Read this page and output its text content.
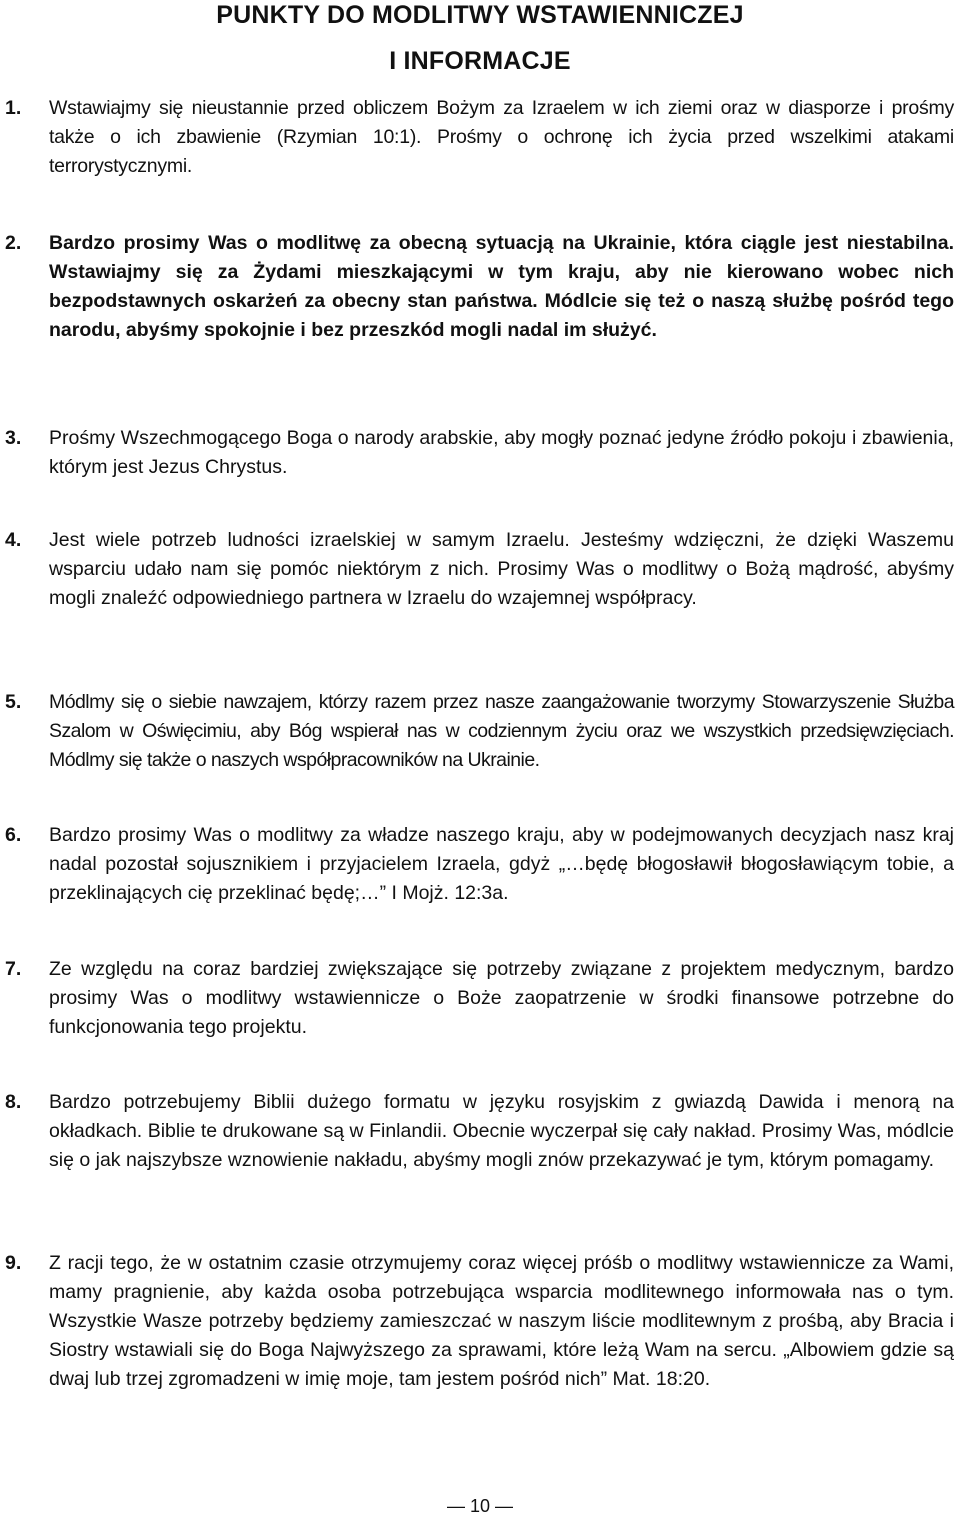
PUNKTY DO MODLITWY WSTAWIENNICZEJ
I INFORMACJE
1. Wstawiajmy się nieustannie przed obliczem Bożym za Izraelem w ich ziemi oraz w diasporze i prośmy także o ich zbawienie (Rzymian 10:1). Prośmy o ochronę ich życia przed wszelkimi atakami terrorystycznymi.

2. Bardzo prosimy Was o modlitwę za obecną sytuacją na Ukrainie, która ciągle jest niestabilna. Wstawiajmy się za Żydami mieszkającymi w tym kraju, aby nie kierowano wobec nich bezpodstawnych oskarżeń za obecny stan państwa. Módlcie się też o naszą służbę pośród tego narodu, abyśmy spokojnie i bez przeszkód mogli nadal im służyć.

3. Prośmy Wszechmogącego Boga o narody arabskie, aby mogły poznać jedyne źródło pokoju i zbawienia, którym jest Jezus Chrystus.

4. Jest wiele potrzeb ludności izraelskiej w samym Izraelu. Jesteśmy wdzięczni, że dzięki Waszemu wsparciu udało nam się pomóc niektórym z nich. Prosimy Was o modlitwy o Bożą mądrość, abyśmy mogli znaleźć odpowiedniego partnera w Izraelu do wzajemnej współpracy.

5. Módlmy się o siebie nawzajem, którzy razem przez nasze zaangażowanie tworzymy Stowarzyszenie Służba Szalom w Oświęcimiu, aby Bóg wspierał nas w codziennym życiu oraz we wszystkich przedsięwzięciach. Módlmy się także o naszych współpracowników na Ukrainie.

6. Bardzo prosimy Was o modlitwy za władze naszego kraju, aby w podejmowanych decyzjach nasz kraj nadal pozostał sojusznikiem i przyjacielem Izraela, gdyż „…będę błogosławił błogosławiącym tobie, a przeklinających cię przeklinać będę;…” I Mojż. 12:3a.

7. Ze względu na coraz bardziej zwiększające się potrzeby związane z projektem medycznym, bardzo prosimy Was o modlitwy wstawiennicze o Boże zaopatrzenie w środki finansowe potrzebne do funkcjonowania tego projektu.

8. Bardzo potrzebujemy Biblii dużego formatu w języku rosyjskim z gwiazdą Dawida i menorą na okładkach. Biblie te drukowane są w Finlandii. Obecnie wyczerpał się cały nakład. Prosimy Was, módlcie się o jak najszybsze wznowienie nakładu, abyśmy mogli znów przekazywać je tym, którym pomagamy.

9. Z racji tego, że w ostatnim czasie otrzymujemy coraz więcej próśb o modlitwy wstawiennicze za Wami, mamy pragnienie, aby każda osoba potrzebująca wsparcia modlitewnego informowała nas o tym. Wszystkie Wasze potrzeby będziemy zamieszczać w naszym liście modlitewnym z prośbą, aby Bracia i Siostry wstawiali się do Boga Najwyższego za sprawami, które leżą Wam na sercu. „Albowiem gdzie są dwaj lub trzej zgromadzeni w imię moje, tam jestem pośród nich” Mat. 18:20.

— 10 —
